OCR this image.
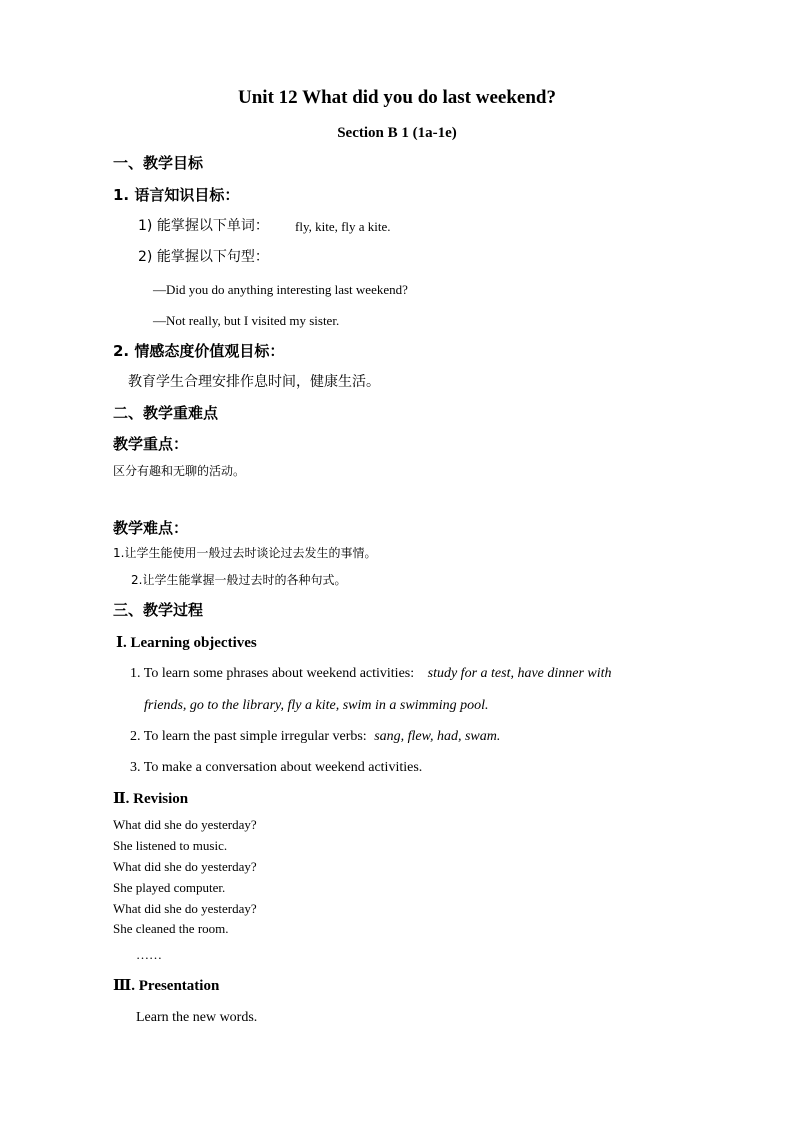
Unit 12 What did you do last weekend?
Section B 1 (1a-1e)
一、教学目标
1. 语言知识目标：
1) 能掌握以下单词： fly, kite, fly a kite.
2) 能掌握以下句型：
—Did you do anything interesting last weekend?
—Not really, but I visited my sister.
2. 情感态度价值观目标：
教育学生合理安排作息时间，健康生活。
二、教学重难点
教学重点：
区分有趣和无聊的活动。
教学难点：
1.让学生能使用一般过去时谈论过去发生的事情。
2.让学生能掌握一般过去时的各种句式。
三、教学过程
Ⅰ. Learning objectives
1. To learn some phrases about weekend activities: study for a test, have dinner with
friends, go to the library, fly a kite, swim in a swimming pool.
2. To learn the past simple irregular verbs: sang, flew, had, swam.
3. To make a conversation about weekend activities.
Ⅱ. Revision
What did she do yesterday?
She listened to music.
What did she do yesterday?
She played computer.
What did she do yesterday?
She cleaned the room.
……
Ⅲ. Presentation
Learn the new words.
